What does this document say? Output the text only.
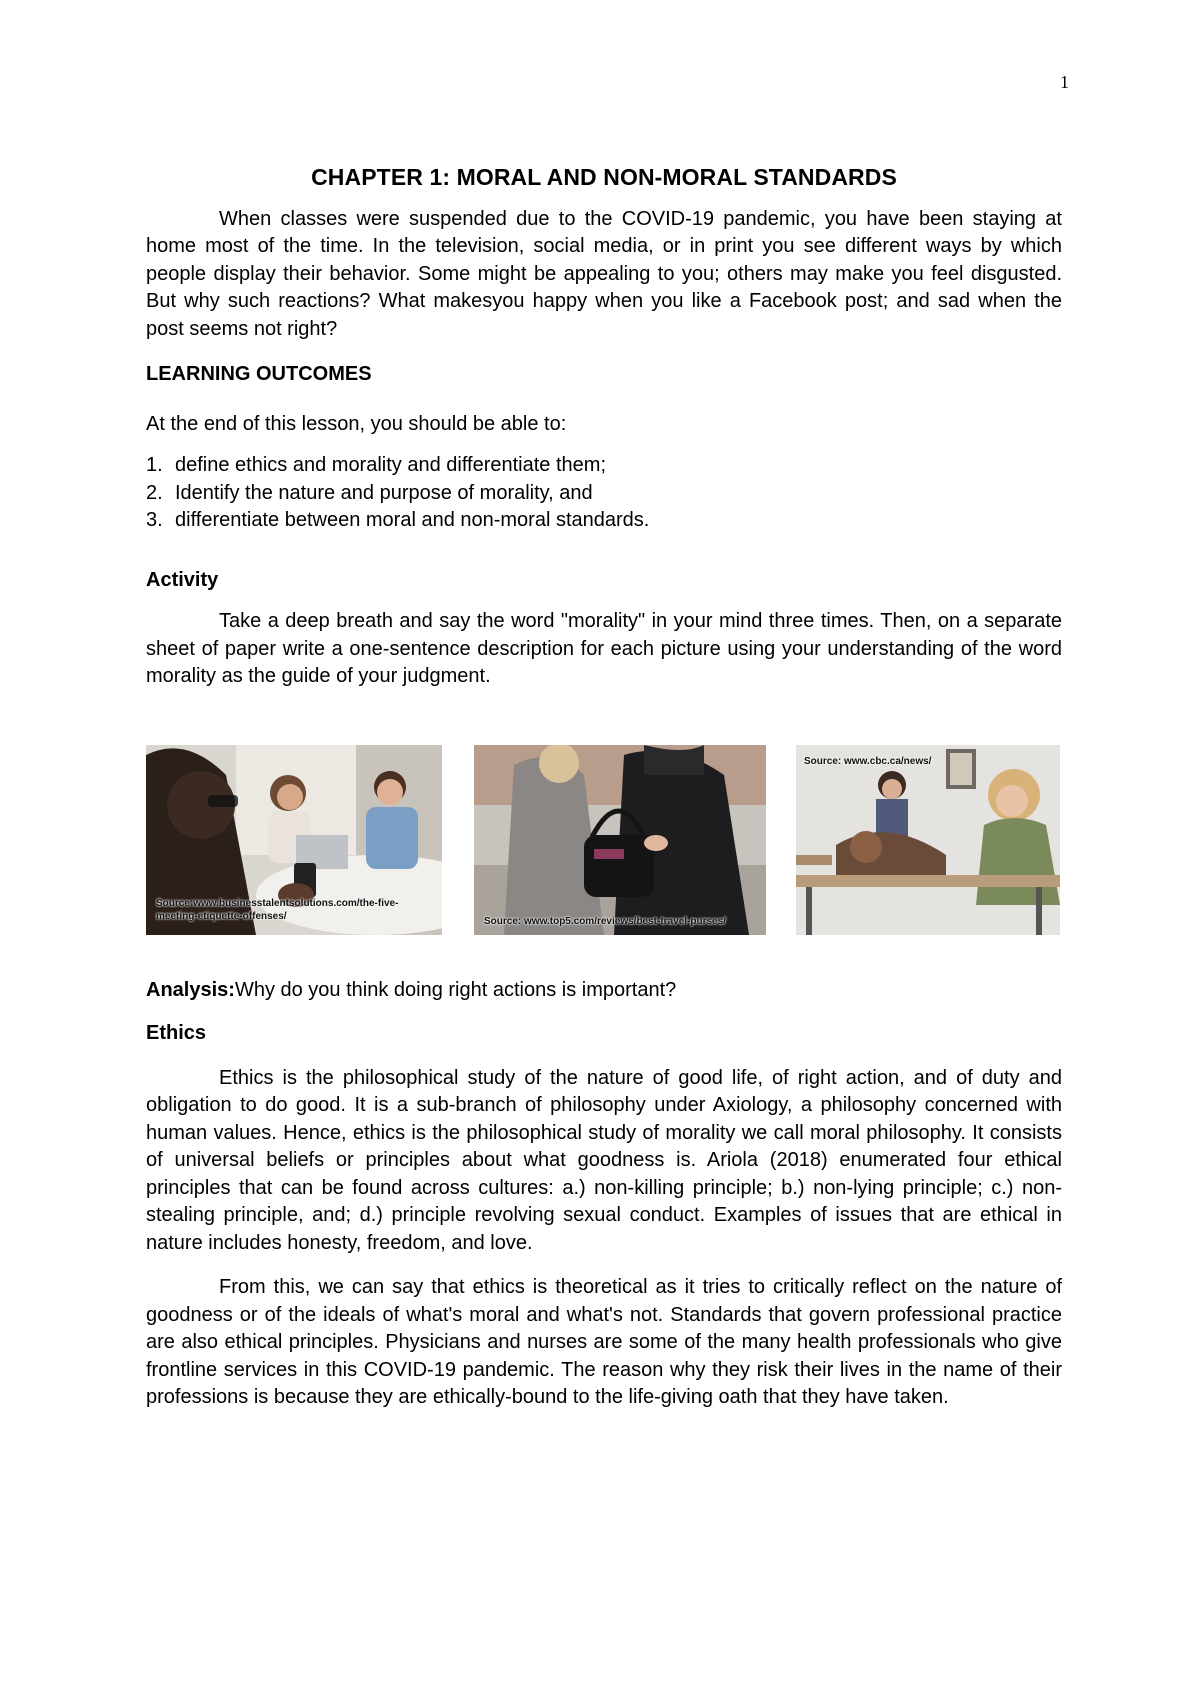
1
CHAPTER 1: MORAL AND NON-MORAL STANDARDS

When classes were suspended due to the COVID-19 pandemic, you have been staying at home most of the time. In the television, social media, or in print you see different ways by which people display their behavior. Some might be appealing to you; others may make you feel disgusted. But why such reactions? What makesyou happy when you like a Facebook post; and sad when the post seems not right?

LEARNING OUTCOMES

At the end of this lesson, you should be able to:

1. define ethics and morality and differentiate them;
2. Identify the nature and purpose of morality, and
3. differentiate between moral and non-moral standards.
Activity

Take a deep breath and say the word "morality" in your mind three times. Then, on a separate sheet of paper write a one-sentence description for each picture using your understanding of the word morality as the guide of your judgment.

Source:www.businesstalentsolutions.com/the-five-meeting-etiquette-offenses/	Source: www.top5.com/reviews/best-travel-purses/
Source: www.cbc.ca/news/

Analysis:Why do you think doing right actions is important?

Ethics

Ethics is the philosophical study of the nature of good life, of right action, and of duty and obligation to do good. It is a sub-branch of philosophy under Axiology, a philosophy concerned with human values. Hence, ethics is the philosophical study of morality we call moral philosophy. It consists of universal beliefs or principles about what goodness is. Ariola (2018) enumerated four ethical principles that can be found across cultures: a.) non-killing principle; b.) non-lying principle; c.) non-stealing principle, and; d.) principle revolving sexual conduct. Examples of issues that are ethical in nature includes honesty, freedom, and love.

From this, we can say that ethics is theoretical as it tries to critically reflect on the nature of goodness or of the ideals of what's moral and what's not. Standards that govern professional practice are also ethical principles. Physicians and nurses are some of the many health professionals who give frontline services in this COVID-19 pandemic. The reason why they risk their lives in the name of their professions is because they are ethically-bound to the life-giving oath that they have taken.
